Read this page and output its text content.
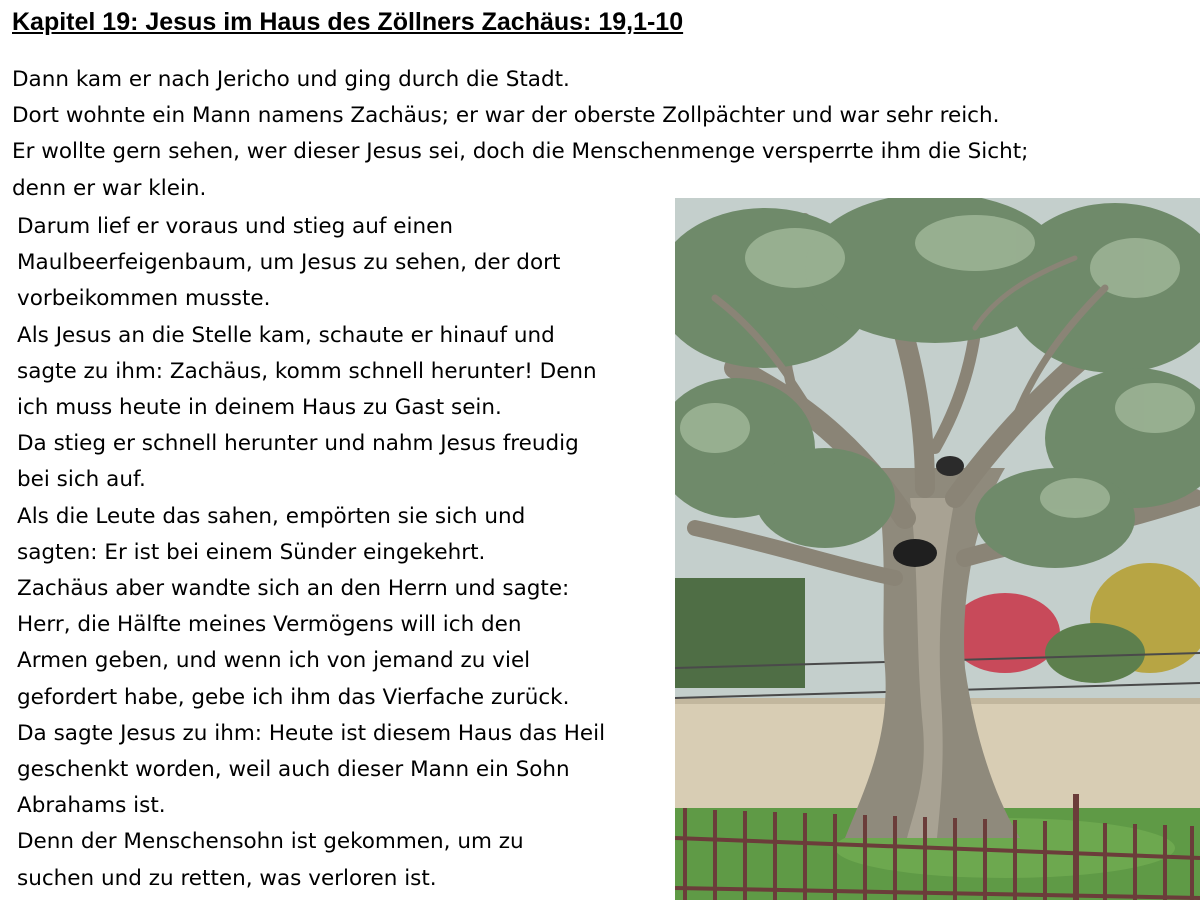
Kapitel 19: Jesus im Haus des Zöllners Zachäus: 19,1-10
Dann kam er nach Jericho und ging durch die Stadt.
Dort wohnte ein Mann namens Zachäus; er war der oberste Zollpächter und war sehr reich.
Er wollte gern sehen, wer dieser Jesus sei, doch die Menschenmenge versperrte ihm die Sicht;
denn er war klein.
Darum lief er voraus und stieg auf einen
Maulbeerfeigenbaum, um Jesus zu sehen, der dort
vorbeikommen musste.
Als Jesus an die Stelle kam, schaute er hinauf und
sagte zu ihm: Zachäus, komm schnell herunter! Denn
ich muss heute in deinem Haus zu Gast sein.
Da stieg er schnell herunter und nahm Jesus freudig
bei sich auf.
Als die Leute das sahen, empörten sie sich und
sagten: Er ist bei einem Sünder eingekehrt.
Zachäus aber wandte sich an den Herrn und sagte:
Herr, die Hälfte meines Vermögens will ich den
Armen geben, und wenn ich von jemand zu viel
gefordert habe, gebe ich ihm das Vierfache zurück.
Da sagte Jesus zu ihm: Heute ist diesem Haus das Heil
geschenkt worden, weil auch dieser Mann ein Sohn
Abrahams ist.
Denn der Menschensohn ist gekommen, um zu
suchen und zu retten, was verloren ist.
